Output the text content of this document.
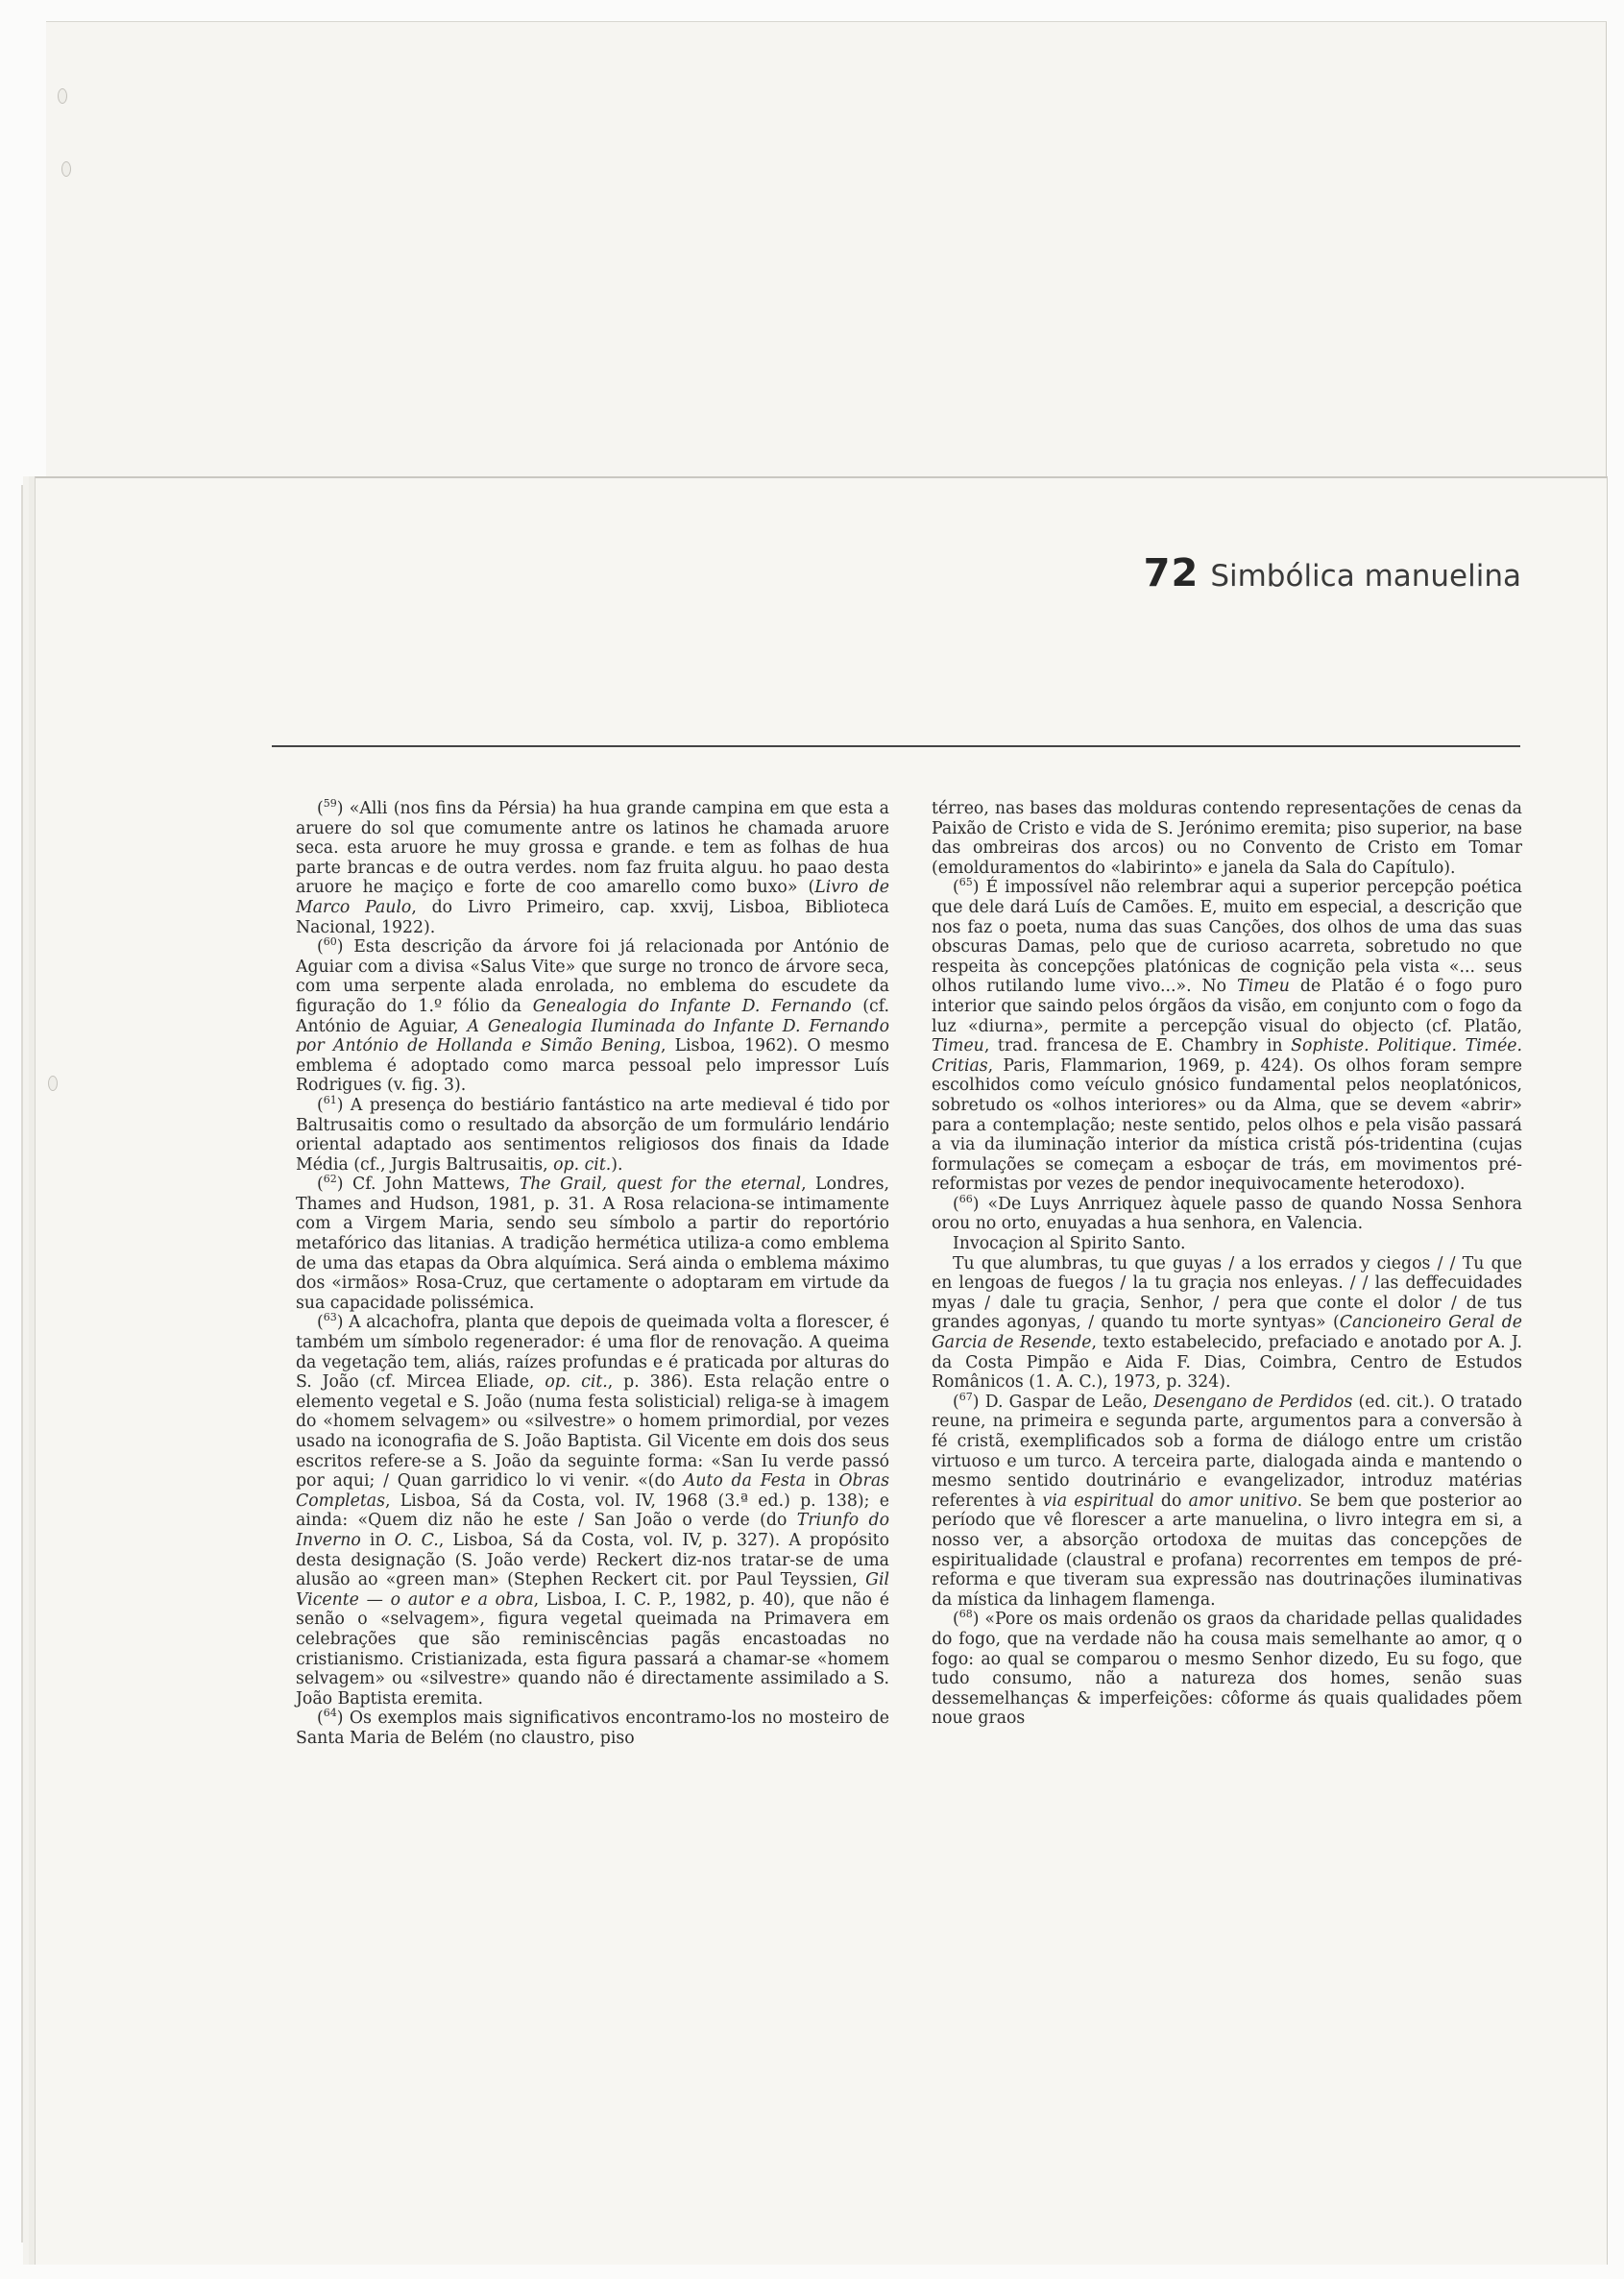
72 Simbólica manuelina

($^{59}$) «Alli (nos fins da Pérsia) ha hua grande campina em que esta a aruere do sol que comumente antre os latinos he chamada aruore seca. esta aruore he muy grossa e grande. e tem as folhas de hua parte brancas e de outra verdes. nom faz fruita alguu. ho paao desta aruore he maçiço e forte de coo amarello como buxo» (Livro de Marco Paulo, do Livro Primeiro, cap. xxvij, Lisboa, Biblioteca Nacional, 1922).

($^{60}$) Esta descrição da árvore foi já relacionada por António de Aguiar com a divisa «Salus Vite» que surge no tronco de árvore seca, com uma serpente alada enrolada, no emblema do escudete da figuração do 1.º fólio da Genealogia do Infante D. Fernando (cf. António de Aguiar, A Genealogia Iluminada do Infante D. Fernando por António de Hollanda e Simão Bening, Lisboa, 1962). O mesmo emblema é adoptado como marca pessoal pelo impressor Luís Rodrigues (v. fig. 3).

($^{61}$) A presença do bestiário fantástico na arte medieval é tido por Baltrusaitis como o resultado da absorção de um formulário lendário oriental adaptado aos sentimentos religiosos dos finais da Idade Média (cf., Jurgis Baltrusaitis, op. cit.).

($^{62}$) Cf. John Mattews, The Grail, quest for the eternal, Londres, Thames and Hudson, 1981, p. 31. A Rosa relaciona-se intimamente com a Virgem Maria, sendo seu símbolo a partir do reportório metafórico das litanias. A tradição hermética utiliza-a como emblema de uma das etapas da Obra alquímica. Será ainda o emblema máximo dos «irmãos» Rosa-Cruz, que certamente o adoptaram em virtude da sua capacidade polissémica.

($^{63}$) A alcachofra, planta que depois de queimada volta a florescer, é também um símbolo regenerador: é uma flor de renovação. A queima da vegetação tem, aliás, raízes profundas e é praticada por alturas do S. João (cf. Mircea Eliade, op. cit., p. 386). Esta relação entre o elemento vegetal e S. João (numa festa solisticial) religa-se à imagem do «homem selvagem» ou «silvestre» o homem primordial, por vezes usado na iconografia de S. João Baptista. Gil Vicente em dois dos seus escritos refere-se a S. João da seguinte forma: «San Iu verde passó por aqui; / Quan garridico lo vi venir. «(do Auto da Festa in Obras Completas, Lisboa, Sá da Costa, vol. IV, 1968 (3.ª ed.) p. 138); e ainda: «Quem diz não he este / San João o verde (do Triunfo do Inverno in O. C., Lisboa, Sá da Costa, vol. IV, p. 327). A propósito desta designação (S. João verde) Reckert diz-nos tratar-se de uma alusão ao «green man» (Stephen Reckert cit. por Paul Teyssien, Gil Vicente — o autor e a obra, Lisboa, I. C. P., 1982, p. 40), que não é senão o «selvagem», figura vegetal queimada na Primavera em celebrações que são reminiscências pagãs encastoadas no cristianismo. Cristianizada, esta figura passará a chamar-se «homem selvagem» ou «silvestre» quando não é directamente assimilado a S. João Baptista eremita.

($^{64}$) Os exemplos mais significativos encontramo-los no mosteiro de Santa Maria de Belém (no claustro, piso

térreo, nas bases das molduras contendo representações de cenas da Paixão de Cristo e vida de S. Jerónimo eremita; piso superior, na base das ombreiras dos arcos) ou no Convento de Cristo em Tomar (emolduramentos do «labirinto» e janela da Sala do Capítulo).

($^{65}$) É impossível não relembrar aqui a superior percepção poética que dele dará Luís de Camões. E, muito em especial, a descrição que nos faz o poeta, numa das suas Canções, dos olhos de uma das suas obscuras Damas, pelo que de curioso acarreta, sobretudo no que respeita às concepções platónicas de cognição pela vista «... seus olhos rutilando lume vivo...». No Timeu de Platão é o fogo puro interior que saindo pelos órgãos da visão, em conjunto com o fogo da luz «diurna», permite a percepção visual do objecto (cf. Platão, Timeu, trad. francesa de E. Chambry in Sophiste. Politique. Timée. Critias, Paris, Flammarion, 1969, p. 424). Os olhos foram sempre escolhidos como veículo gnósico fundamental pelos neoplatónicos, sobretudo os «olhos interiores» ou da Alma, que se devem «abrir» para a contemplação; neste sentido, pelos olhos e pela visão passará a via da iluminação interior da mística cristã pós-tridentina (cujas formulações se começam a esboçar de trás, em movimentos pré-reformistas por vezes de pendor inequivocamente heterodoxo).

($^{66}$) «De Luys Anrriquez àquele passo de quando Nossa Senhora orou no orto, enuyadas a hua senhora, en Valencia.

Invocaçion al Spirito Santo.

Tu que alumbras, tu que guyas / a los errados y ciegos / / Tu que en lengoas de fuegos / la tu graçia nos enleyas. / / las deffecuidades myas / dale tu graçia, Senhor, / pera que conte el dolor / de tus grandes agonyas, / quando tu morte syntyas» (Cancioneiro Geral de Garcia de Resende, texto estabelecido, prefaciado e anotado por A. J. da Costa Pimpão e Aida F. Dias, Coimbra, Centro de Estudos Românicos (1. A. C.), 1973, p. 324).

($^{67}$) D. Gaspar de Leão, Desengano de Perdidos (ed. cit.). O tratado reune, na primeira e segunda parte, argumentos para a conversão à fé cristã, exemplificados sob a forma de diálogo entre um cristão virtuoso e um turco. A terceira parte, dialogada ainda e mantendo o mesmo sentido doutrinário e evangelizador, introduz matérias referentes à via espiritual do amor unitivo. Se bem que posterior ao período que vê florescer a arte manuelina, o livro integra em si, a nosso ver, a absorção ortodoxa de muitas das concepções de espiritualidade (claustral e profana) recorrentes em tempos de pré-reforma e que tiveram sua expressão nas doutrinações iluminativas da mística da linhagem flamenga.

($^{68}$) «Pore os mais ordenão os graos da charidade pellas qualidades do fogo, que na verdade não ha cousa mais semelhante ao amor, q o fogo: ao qual se comparou o mesmo Senhor dizedo, Eu su fogo, que tudo consumo, não a natureza dos homes, senão suas dessemelhanças & imperfeições: côforme ás quais qualidades põem noue graos
